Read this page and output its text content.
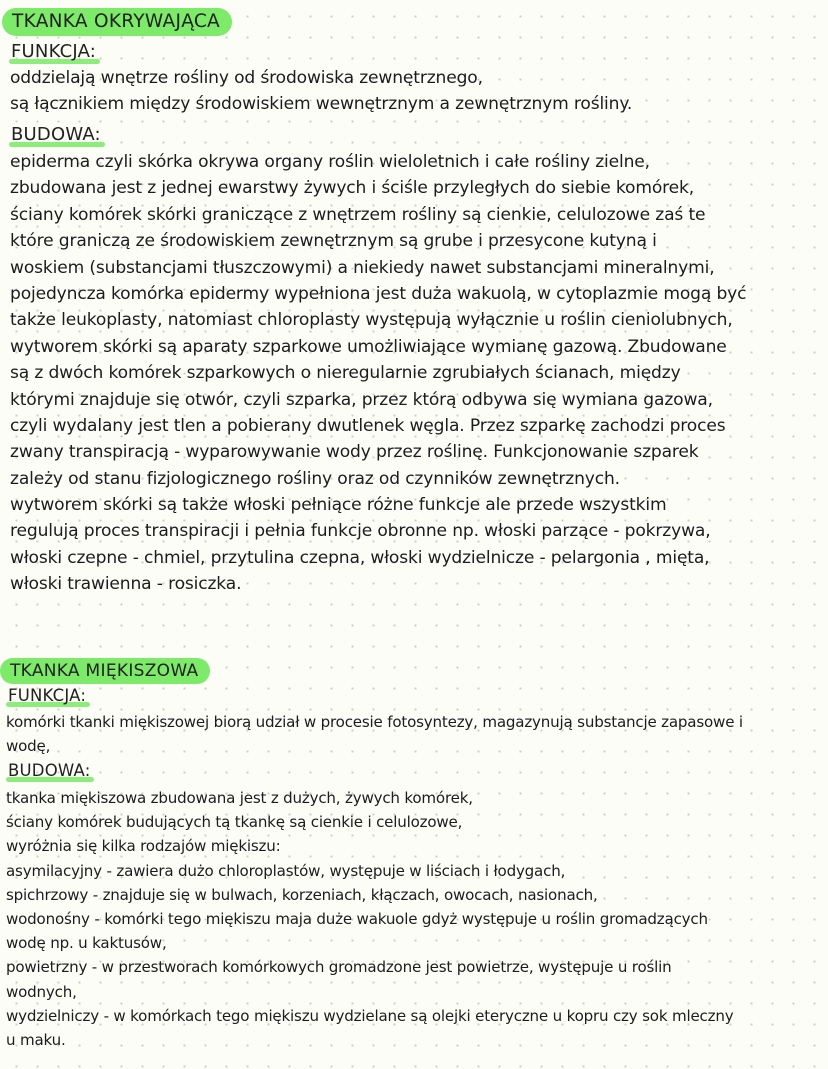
TKANKA OKRYWAJĄCA
FUNKCJA:
oddzielają wnętrze rośliny od środowiska zewnętrznego,
są łącznikiem między środowiskiem wewnętrznym a zewnętrznym rośliny.
BUDOWA:
epiderma czyli skórka okrywa organy roślin wieloletnich i całe rośliny zielne,
zbudowana jest z jednej ewarstwy żywych i ściśle przyległych do siebie komórek,
ściany komórek skórki graniczące z wnętrzem rośliny są cienkie, celulozowe zaś te
które graniczą ze środowiskiem zewnętrznym są grube i przesycone kutyną i
woskiem (substancjami tłuszczowymi) a niekiedy nawet substancjami mineralnymi,
pojedyncza komórka epidermy wypełniona jest duża wakuolą, w cytoplazmie mogą być
także leukoplasty, natomiast chloroplasty występują wyłącznie u roślin cieniolubnych,
wytworem skórki są aparaty szparkowe umożliwiające wymianę gazową. Zbudowane
są z dwóch komórek szparkowych o nieregularnie zgrubiałych ścianach, między
którymi znajduje się otwór, czyli szparka, przez którą odbywa się wymiana gazowa,
czyli wydalany jest tlen a pobierany dwutlenek węgla. Przez szparkę zachodzi proces
zwany transpiracją - wyparowywanie wody przez roślinę. Funkcjonowanie szparek
zależy od stanu fizjologicznego rośliny oraz od czynników zewnętrznych.
wytworem skórki są także włoski pełniące różne funkcje ale przede wszystkim
regulują proces transpiracji i pełnia funkcje obronne np. włoski parzące - pokrzywa,
włoski czepne - chmiel, przytulina czepna, włoski wydzielnicze - pelargonia , mięta,
włoski trawienna - rosiczka.
TKANKA MIĘKISZOWA
FUNKCJA:
komórki tkanki miękiszowej biorą udział w procesie fotosyntezy, magazynują substancje zapasowe i
wodę,
BUDOWA:
tkanka miękiszowa zbudowana jest z dużych, żywych komórek,
ściany komórek budujących tą tkankę są cienkie i celulozowe,
wyróżnia się kilka rodzajów miękiszu:
asymilacyjny - zawiera dużo chloroplastów, występuje w liściach i łodygach,
spichrzowy - znajduje się w bulwach, korzeniach, kłączach, owocach, nasionach,
wodonośny - komórki tego miękiszu maja duże wakuole gdyż występuje u roślin gromadzących
wodę np. u kaktusów,
powietrzny - w przestworach komórkowych gromadzone jest powietrze, występuje u roślin
wodnych,
wydzielniczy - w komórkach tego miękiszu wydzielane są olejki eteryczne u kopru czy sok mleczny
u maku.
